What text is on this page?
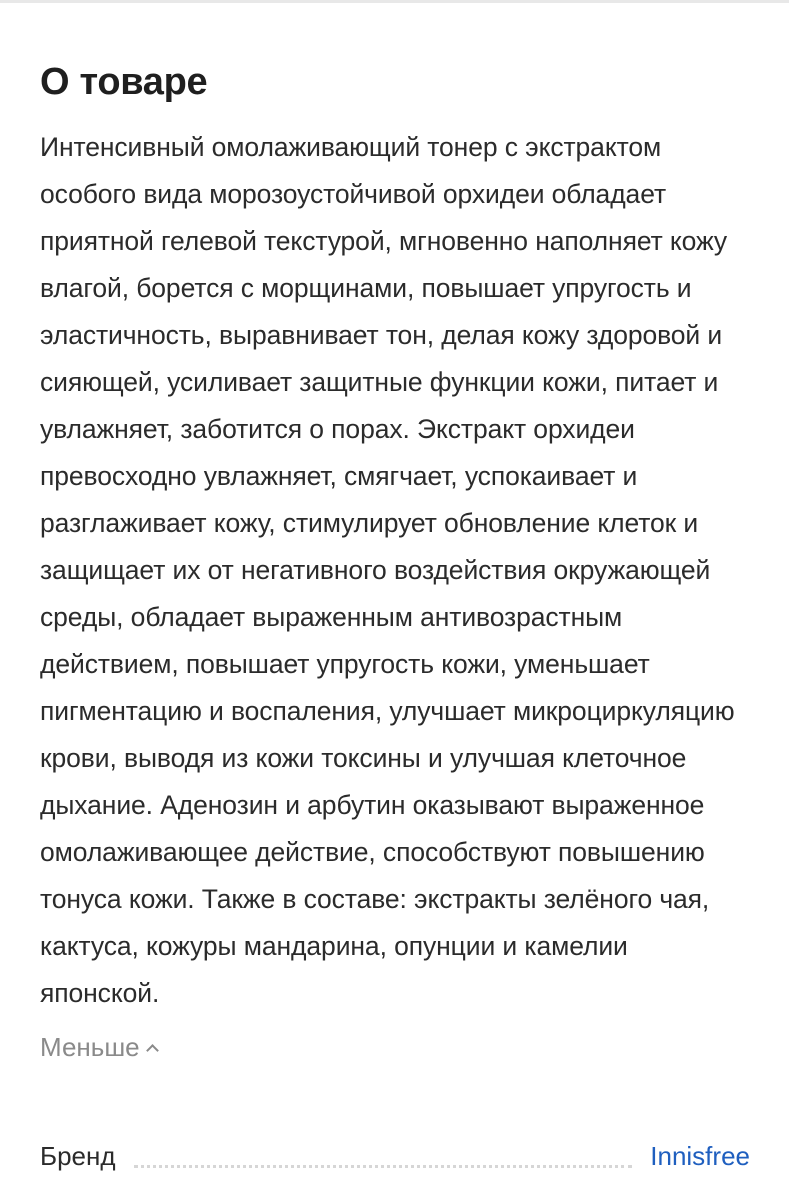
О товаре

Интенсивный омолаживающий тонер с экстрактом особого вида морозоустойчивой орхидеи обладает приятной гелевой текстурой, мгновенно наполняет кожу влагой, борется с морщинами, повышает упругость и эластичность, выравнивает тон, делая кожу здоровой и сияющей, усиливает защитные функции кожи, питает и увлажняет, заботится о порах. Экстракт орхидеи превосходно увлажняет, смягчает, успокаивает и разглаживает кожу, стимулирует обновление клеток и защищает их от негативного воздействия окружающей среды, обладает выраженным антивозрастным действием, повышает упругость кожи, уменьшает пигментацию и воспаления, улучшает микроциркуляцию крови, выводя из кожи токсины и улучшая клеточное дыхание. Аденозин и арбутин оказывают выраженное омолаживающее действие, способствуют повышению тонуса кожи. Также в составе: экстракты зелёного чая, кактуса, кожуры мандарина, опунции и камелии японской.

Меньше
Бренд	Innisfree
